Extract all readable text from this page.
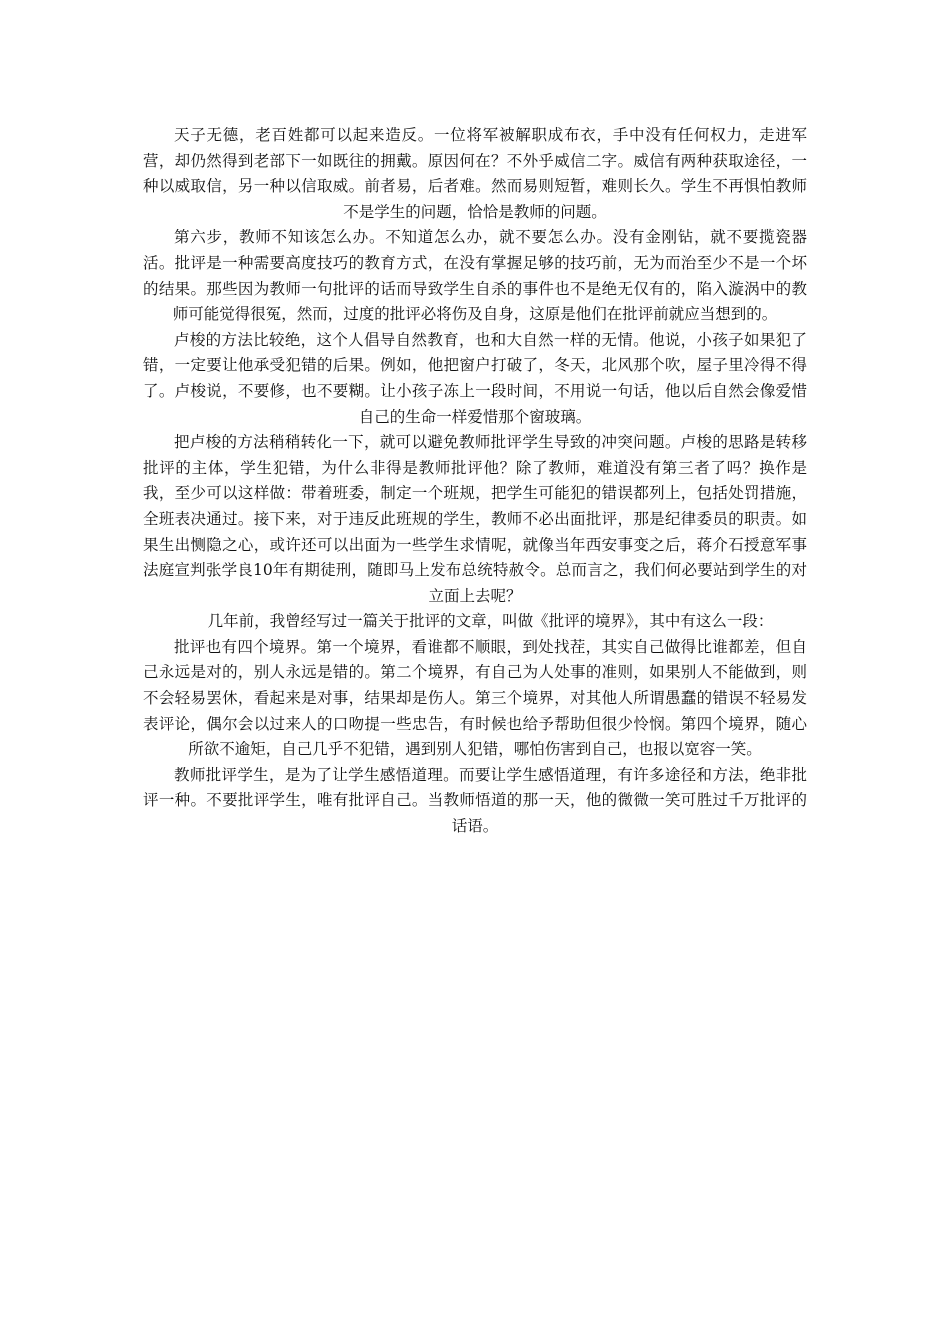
天子无德，老百姓都可以起来造反。一位将军被解职成布衣，手中没有任何权力，走进军营，却仍然得到老部下一如既往的拥戴。原因何在？不外乎威信二字。威信有两种获取途径，一种以威取信，另一种以信取威。前者易，后者难。然而易则短暂，难则长久。学生不再惧怕教师不是学生的问题，恰恰是教师的问题。

第六步，教师不知该怎么办。不知道怎么办，就不要怎么办。没有金刚钻，就不要揽瓷器活。批评是一种需要高度技巧的教育方式，在没有掌握足够的技巧前，无为而治至少不是一个坏的结果。那些因为教师一句批评的话而导致学生自杀的事件也不是绝无仅有的，陷入漩涡中的教师可能觉得很冤，然而，过度的批评必将伤及自身，这原是他们在批评前就应当想到的。

卢梭的方法比较绝，这个人倡导自然教育，也和大自然一样的无情。他说，小孩子如果犯了错，一定要让他承受犯错的后果。例如，他把窗户打破了，冬天，北风那个吹，屋子里冷得不得了。卢梭说，不要修，也不要糊。让小孩子冻上一段时间，不用说一句话，他以后自然会像爱惜自己的生命一样爱惜那个窗玻璃。

把卢梭的方法稍稍转化一下，就可以避免教师批评学生导致的冲突问题。卢梭的思路是转移批评的主体，学生犯错，为什么非得是教师批评他？除了教师，难道没有第三者了吗？换作是我，至少可以这样做：带着班委，制定一个班规，把学生可能犯的错误都列上，包括处罚措施，全班表决通过。接下来，对于违反此班规的学生，教师不必出面批评，那是纪律委员的职责。如果生出恻隐之心，或许还可以出面为一些学生求情呢，就像当年西安事变之后，蒋介石授意军事法庭宣判张学良10年有期徒刑，随即马上发布总统特赦令。总而言之，我们何必要站到学生的对立面上去呢？

几年前，我曾经写过一篇关于批评的文章，叫做《批评的境界》，其中有这么一段：

批评也有四个境界。第一个境界，看谁都不顺眼，到处找茬，其实自己做得比谁都差，但自己永远是对的，别人永远是错的。第二个境界，有自己为人处事的准则，如果别人不能做到，则不会轻易罢休，看起来是对事，结果却是伤人。第三个境界，对其他人所谓愚蠢的错误不轻易发表评论，偶尔会以过来人的口吻提一些忠告，有时候也给予帮助但很少怜悯。第四个境界，随心所欲不逾矩，自己几乎不犯错，遇到别人犯错，哪怕伤害到自己，也报以宽容一笑。

教师批评学生，是为了让学生感悟道理。而要让学生感悟道理，有许多途径和方法，绝非批评一种。不要批评学生，唯有批评自己。当教师悟道的那一天，他的微微一笑可胜过千万批评的话语。
